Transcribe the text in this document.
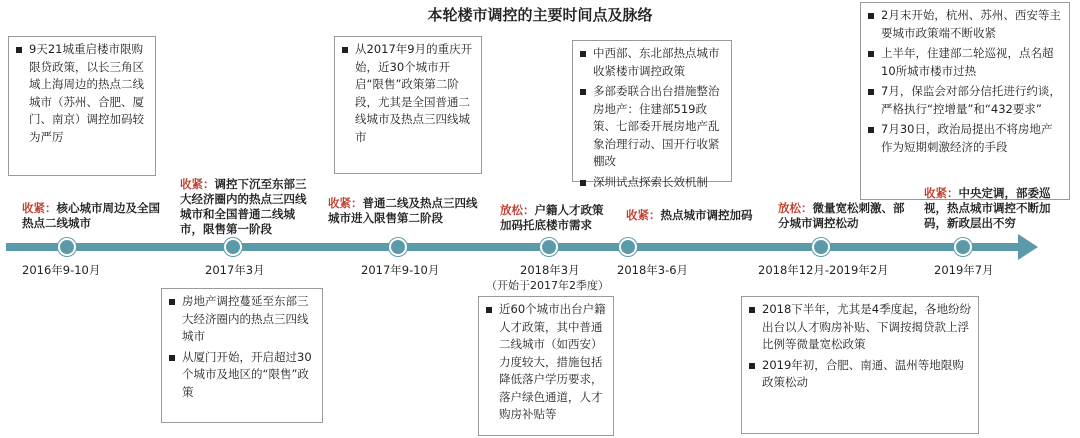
本轮楼市调控的主要时间点及脉络
9天21城重启楼市限购限贷政策，以长三角区域上海周边的热点二线城市（苏州、合肥、厦门、南京）调控加码较为严厉
从2017年9月的重庆开始，近30个城市开启“限售”政策第二阶段，尤其是全国普通二线城市及热点三四线城市
中西部、东北部热点城市收紧楼市调控政策
多部委联合出台措施整治房地产：住建部519政策、七部委开展房地产乱象治理行动、国开行收紧棚改
深圳试点探索长效机制
2月末开始，杭州、苏州、西安等主要城市政策端不断收紧
上半年，住建部二轮巡视，点名超10所城市楼市过热
7月，保监会对部分信托进行约谈，严格执行“控增量”和“432要求”
7月30日，政治局提出不将房地产作为短期刺激经济的手段
收紧：核心城市周边及全国热点二线城市
收紧：调控下沉至东部三大经济圈内的热点三四线城市和全国普通二线城市，限售第一阶段
收紧：普通二线及热点三四线城市进入限售第二阶段
放松：户籍人才政策加码托底楼市需求
收紧：热点城市调控加码	放松：微量宽松刺激、部分城市调控松动
收紧：中央定调，部委巡视，热点城市调控不断加码，新政层出不穷
2016年9-10月	2017年3月	2017年9-10月	2018年3月
（开始于2017年2季度）
2018年3-6月	2018年12月-2019年2月	2019年7月
房地产调控蔓延至东部三大经济圈内的热点三四线城市
从厦门开始，开启超过30个城市及地区的“限售”政策
近60个城市出台户籍人才政策，其中普通二线城市（如西安）力度较大，措施包括降低落户学历要求，落户绿色通道，人才购房补贴等
2018下半年，尤其是4季度起，各地纷纷出台以人才购房补贴、下调按揭贷款上浮比例等微量宽松政策
2019年初，合肥、南通、温州等地限购政策松动
